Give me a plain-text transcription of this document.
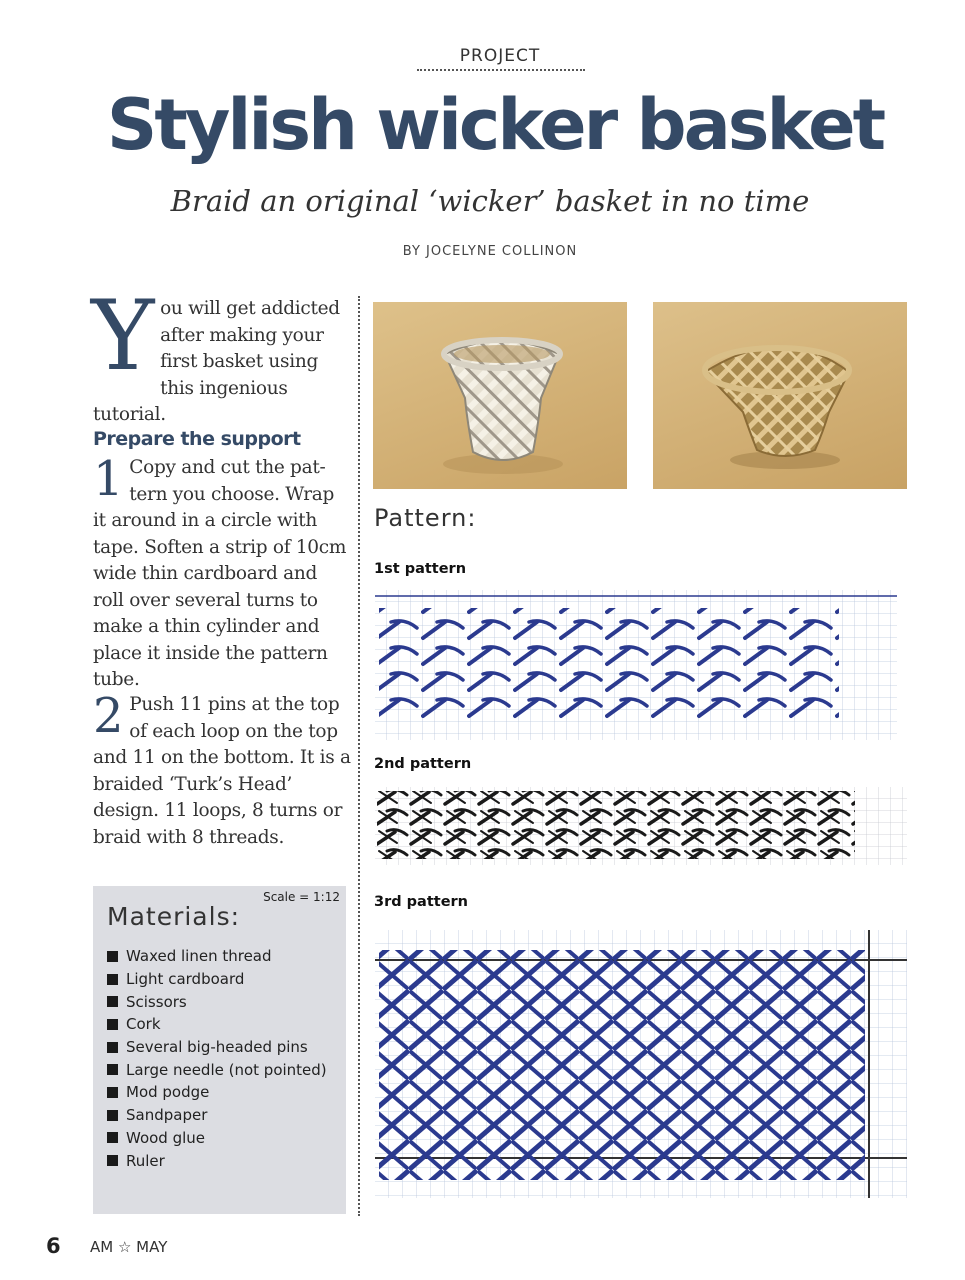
PROJECT
Stylish wicker basket
Braid an original ‘wicker’ basket in no time
BY JOCELYNE COLLINON
Y ou will get addicted after making your first basket using this ingenious tutorial.
Prepare the support
1 Copy and cut the pat-tern you choose. Wrap it around in a circle with tape. Soften a strip of 10cm wide thin cardboard and roll over several turns to make a thin cylinder and place it inside the pattern tube.
2 Push 11 pins at the top of each loop on the top and 11 on the bottom. It is a braided ‘Turk’s Head’ design. 11 loops, 8 turns or braid with 8 threads.
Scale = 1:12
Materials:
Waxed linen thread
Light cardboard
Scissors
Cork
Several big-headed pins
Large needle (not pointed)
Mod podge
Sandpaper
Wood glue
Ruler
Pattern:
1st pattern
2nd pattern
3rd pattern
6 AM ☆ MAY
